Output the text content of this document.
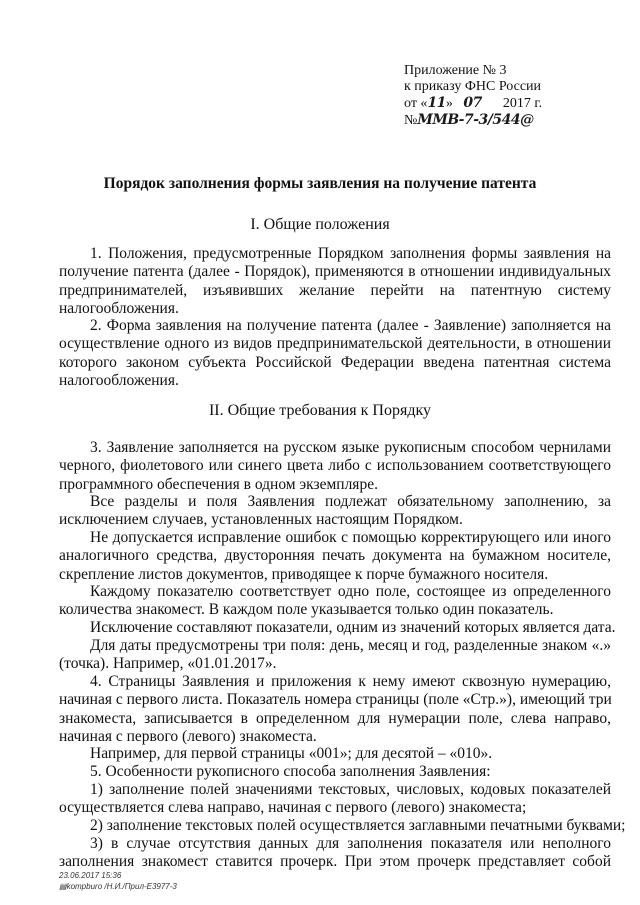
Приложение № 3
к приказу ФНС России
от «11» 07 2017 г.
№ММВ-7-3/544@
Порядок заполнения формы заявления на получение патента
I. Общие положения
1. Положения, предусмотренные Порядком заполнения формы заявления на
получение патента (далее - Порядок), применяются в отношении индивидуальных
предпринимателей, изъявивших желание перейти на патентную систему
налогообложения.
2. Форма заявления на получение патента (далее - Заявление) заполняется на
осуществление одного из видов предпринимательской деятельности, в отношении
которого законом субъекта Российской Федерации введена патентная система
налогообложения.
II. Общие требования к Порядку
3. Заявление заполняется на русском языке рукописным способом чернилами
черного, фиолетового или синего цвета либо с использованием соответствующего
программного обеспечения в одном экземпляре.
Все разделы и поля Заявления подлежат обязательному заполнению, за
исключением случаев, установленных настоящим Порядком.
Не допускается исправление ошибок с помощью корректирующего или иного
аналогичного средства, двусторонняя печать документа на бумажном носителе,
скрепление листов документов, приводящее к порче бумажного носителя.
Каждому показателю соответствует одно поле, состоящее из определенного
количества знакомест. В каждом поле указывается только один показатель.
Исключение составляют показатели, одним из значений которых является дата.
Для даты предусмотрены три поля: день, месяц и год, разделенные знаком «.»
(точка). Например, «01.01.2017».
4. Страницы Заявления и приложения к нему имеют сквозную нумерацию,
начиная с первого листа. Показатель номера страницы (поле «Стр.»), имеющий три
знакоместа, записывается в определенном для нумерации поле, слева направо,
начиная с первого (левого) знакоместа.
Например, для первой страницы «001»; для десятой – «010».
5. Особенности рукописного способа заполнения Заявления:
1) заполнение полей значениями текстовых, числовых, кодовых показателей
осуществляется слева направо, начиная с первого (левого) знакоместа;
2) заполнение текстовых полей осуществляется заглавными печатными буквами;
3) в случае отсутствия данных для заполнения показателя или неполного
заполнения знакомест ставится прочерк. При этом прочерк представляет собой
23.06.2017 15:36
▤kompburo /Н.И./Прил-E3977-3
